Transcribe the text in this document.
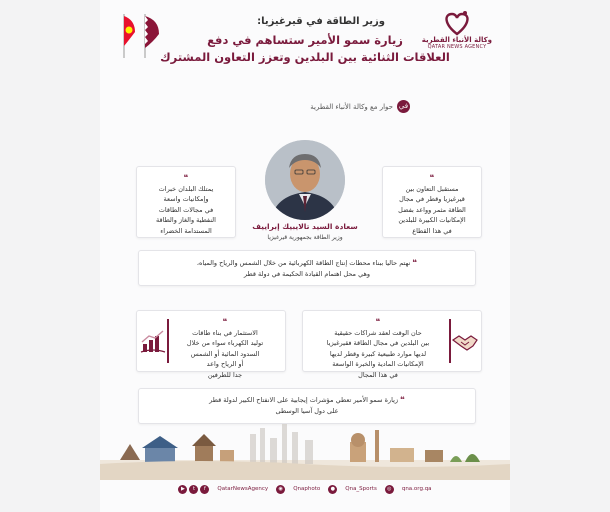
وكالة الأنباء القطرية
QATAR NEWS AGENCY
وزير الطاقة في قيرغيزيا:
زيارة سمو الأمير ستساهم في دفع
العلاقات الثنائية بين البلدين وتعزز التعاون المشترك
في
حوار مع وكالة الأنباء القطرية
سعادة السيد تالايبيك إبراييف
وزير الطاقة بجمهورية قيرغيزيا
❝
مستقبل التعاون بين
قيرغيزيا وقطر في مجال
الطاقة مثمر وواعد بفضل
الإمكانيات الكبيرة للبلدين
في هذا القطاع
❝
يمتلك البلدان خبرات
وإمكانيات واسعة
في مجالات الطاقات
النفطية والغاز والطاقة
المستدامة الخضراء
❝ نهتم حاليا ببناء محطات إنتاج الطاقة الكهربائية من خلال الشمس والرياح والمياه،
وهي محل اهتمام القيادة الحكيمة في دولة قطر
❝
حان الوقت لعقد شراكات حقيقية
بين البلدين في مجال الطاقة فقيرغيزيا
لديها موارد طبيعية كبيرة وقطر لديها
الإمكانيات المادية والخبرة الواسعة
في هذا المجال
❝
الاستثمار في بناء طاقات
توليد الكهرباء سواء من خلال
السدود المائية أو الشمس
أو الرياح واعد
جدا للطرفين
❝ زيارة سمو الأمير تعطي مؤشرات إيجابية على الانفتاح الكبير لدولة قطر
على دول آسيا الوسطى
▶	t	f	QatarNewsAgency	◉	Qnaphoto	●	Qna_Sports	◎	qna.org.qa
